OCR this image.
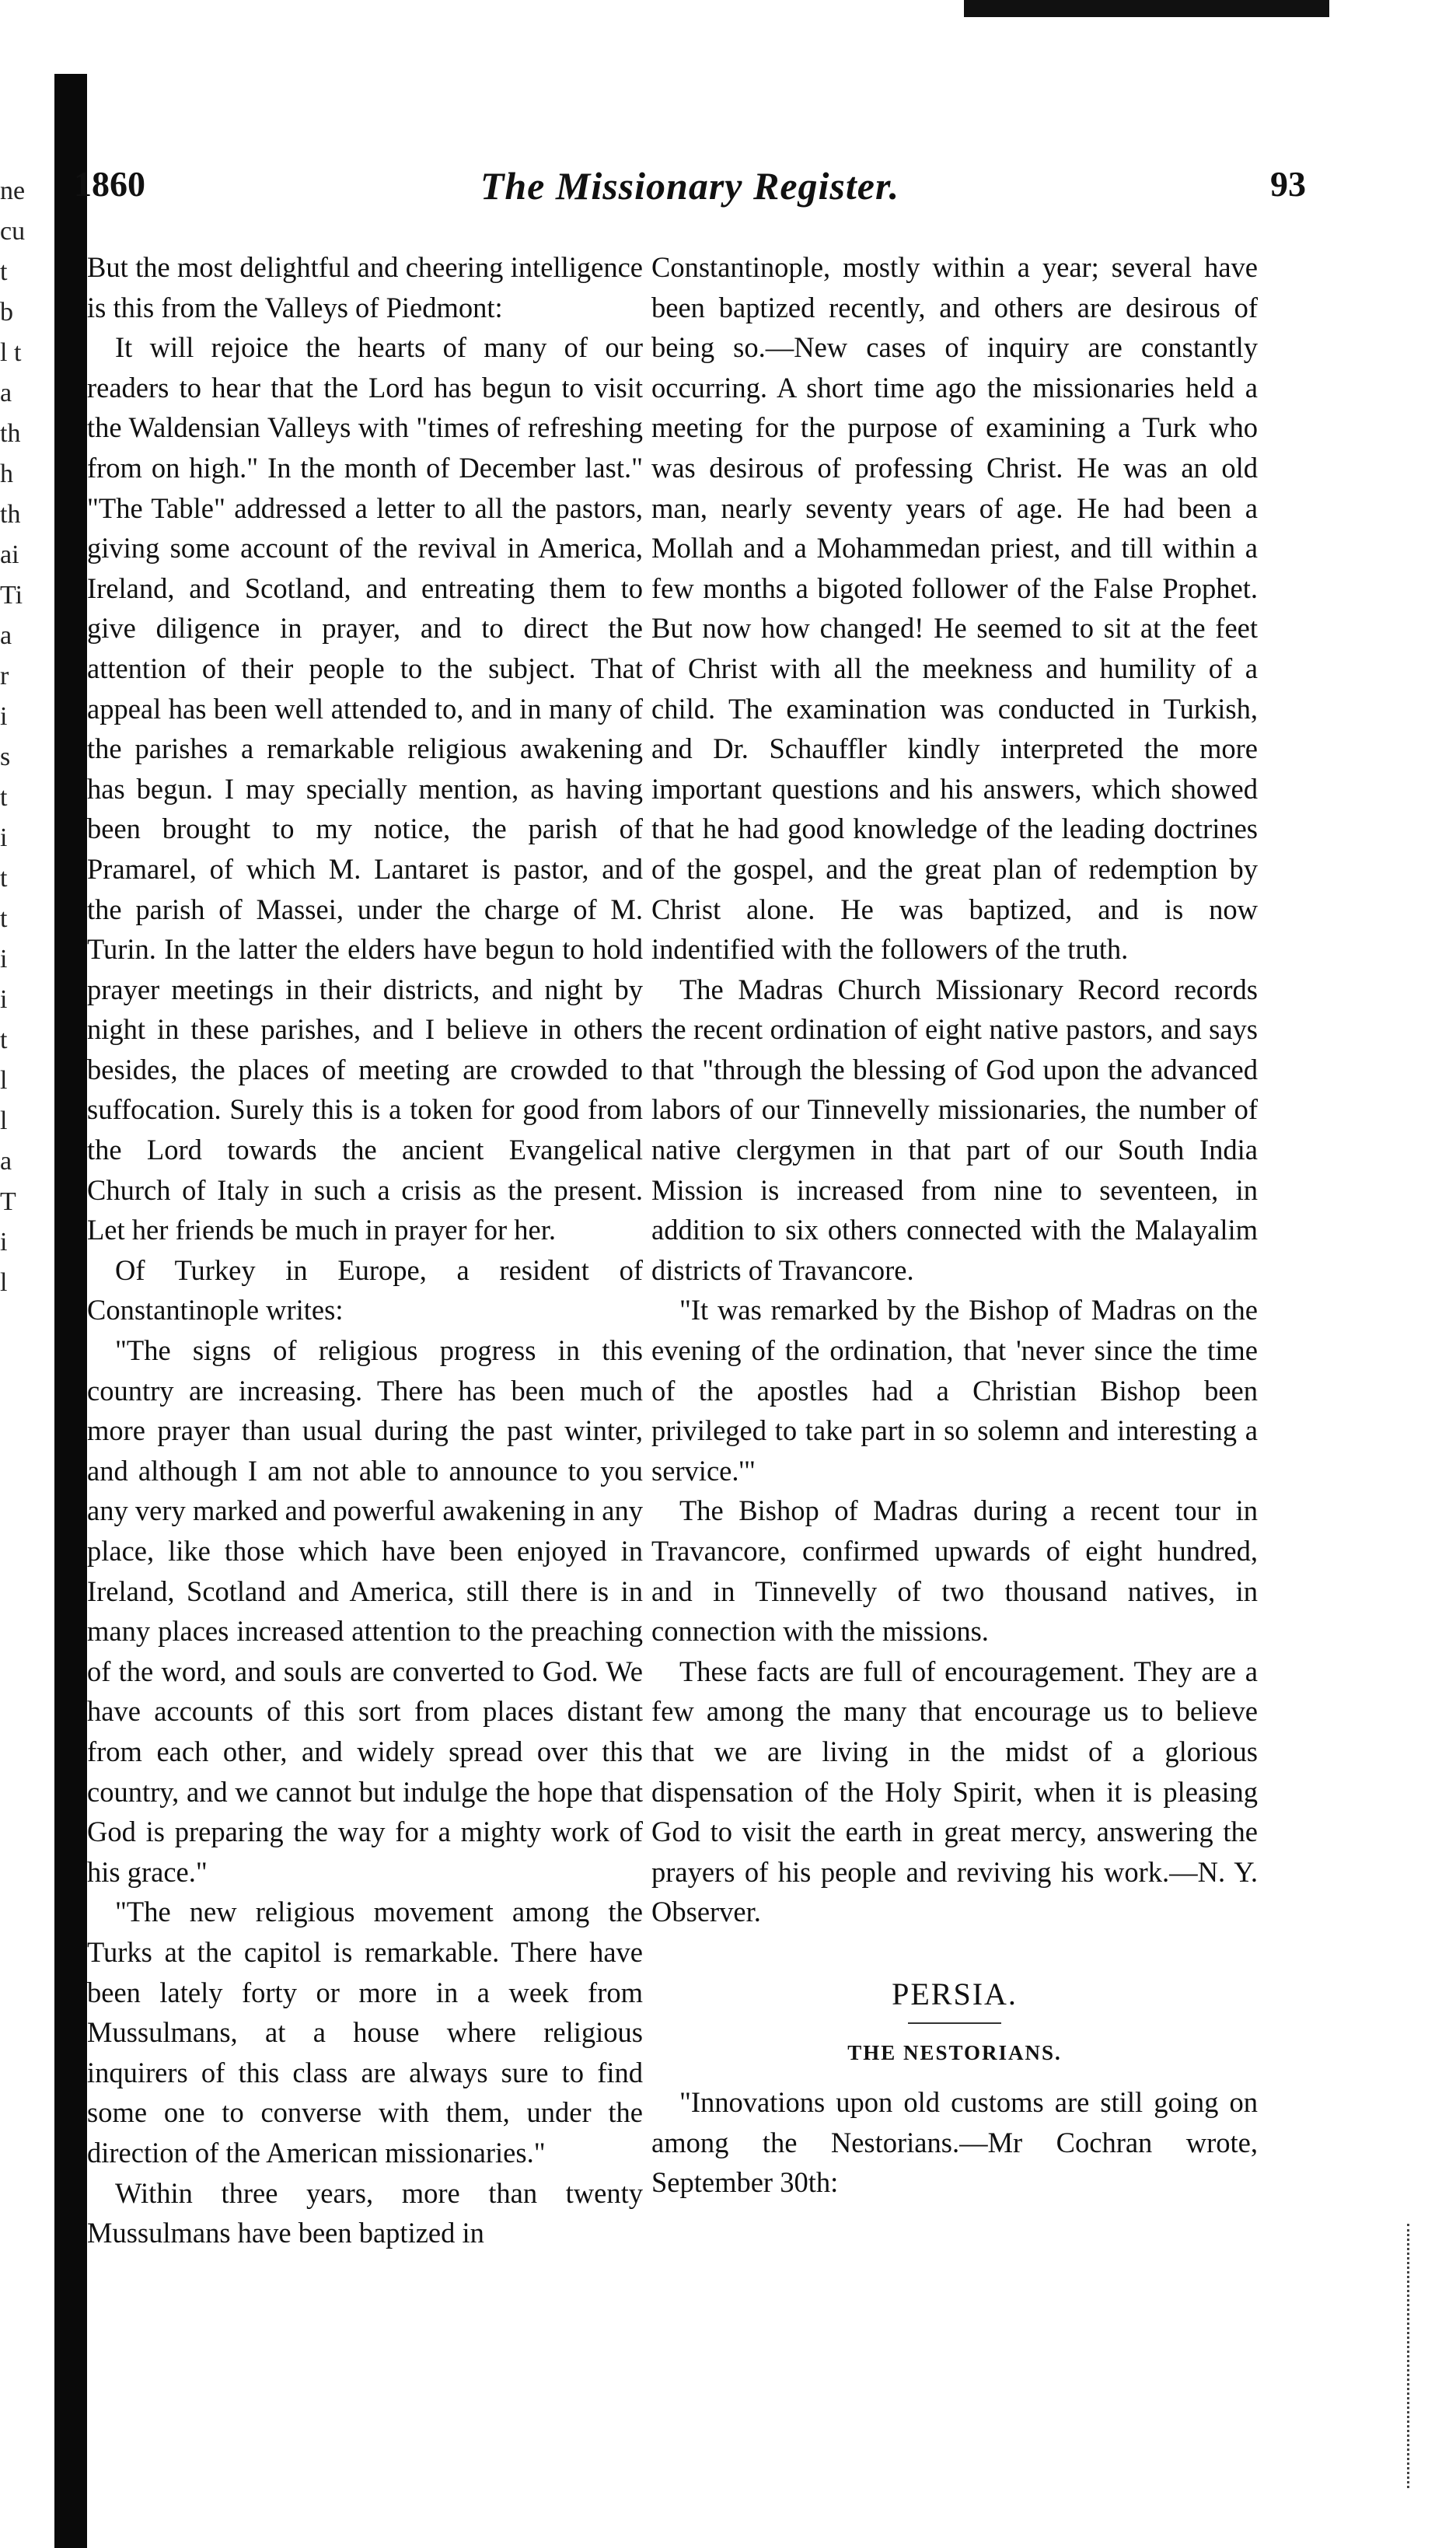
ne
cu
t
b
l t
a
th
h
th
ai
Ti
a
r
i
s
t
i
t
t
i
i
t
l
l
a
T
i
l
1860	The Missionary Register.	93

But the most delightful and cheering intelligence is this from the Valleys of Piedmont:

It will rejoice the hearts of many of our readers to hear that the Lord has begun to visit the Waldensian Valleys with "times of refreshing from on high." In the month of December last." "The Table" addressed a letter to all the pastors, giving some account of the revival in America, Ireland, and Scotland, and entreating them to give diligence in prayer, and to direct the attention of their people to the subject. That appeal has been well attended to, and in many of the parishes a remarkable religious awakening has begun. I may specially mention, as having been brought to my notice, the parish of Pramarel, of which M. Lantaret is pastor, and the parish of Massei, under the charge of M. Turin. In the latter the elders have begun to hold prayer meetings in their districts, and night by night in these parishes, and I believe in others besides, the places of meeting are crowded to suffocation. Surely this is a token for good from the Lord towards the ancient Evangelical Church of Italy in such a crisis as the present. Let her friends be much in prayer for her.

Of Turkey in Europe, a resident of Constantinople writes:

"The signs of religious progress in this country are increasing. There has been much more prayer than usual during the past winter, and although I am not able to announce to you any very marked and powerful awakening in any place, like those which have been enjoyed in Ireland, Scotland and America, still there is in many places increased attention to the preaching of the word, and souls are converted to God. We have accounts of this sort from places distant from each other, and widely spread over this country, and we cannot but indulge the hope that God is preparing the way for a mighty work of his grace."

"The new religious movement among the Turks at the capitol is remarkable. There have been lately forty or more in a week from Mussulmans, at a house where religious inquirers of this class are always sure to find some one to converse with them, under the direction of the American missionaries."

Within three years, more than twenty Mussulmans have been baptized in

Constantinople, mostly within a year; several have been baptized recently, and others are desirous of being so.—New cases of inquiry are constantly occurring. A short time ago the missionaries held a meeting for the purpose of examining a Turk who was desirous of professing Christ. He was an old man, nearly seventy years of age. He had been a Mollah and a Mohammedan priest, and till within a few months a bigoted follower of the False Prophet. But now how changed! He seemed to sit at the feet of Christ with all the meekness and humility of a child. The examination was conducted in Turkish, and Dr. Schauffler kindly interpreted the more important questions and his answers, which showed that he had good knowledge of the leading doctrines of the gospel, and the great plan of redemption by Christ alone. He was baptized, and is now indentified with the followers of the truth.

The Madras Church Missionary Record records the recent ordination of eight native pastors, and says that "through the blessing of God upon the advanced labors of our Tinnevelly missionaries, the number of native clergymen in that part of our South India Mission is increased from nine to seventeen, in addition to six others connected with the Malayalim districts of Travancore.

"It was remarked by the Bishop of Madras on the evening of the ordination, that 'never since the time of the apostles had a Christian Bishop been privileged to take part in so solemn and interesting a service.'"

The Bishop of Madras during a recent tour in Travancore, confirmed upwards of eight hundred, and in Tinnevelly of two thousand natives, in connection with the missions.

These facts are full of encouragement. They are a few among the many that encourage us to believe that we are living in the midst of a glorious dispensation of the Holy Spirit, when it is pleasing God to visit the earth in great mercy, answering the prayers of his people and reviving his work.—N. Y. Observer.

PERSIA.

THE NESTORIANS.

"Innovations upon old customs are still going on among the Nestorians.—Mr Cochran wrote, September 30th:
